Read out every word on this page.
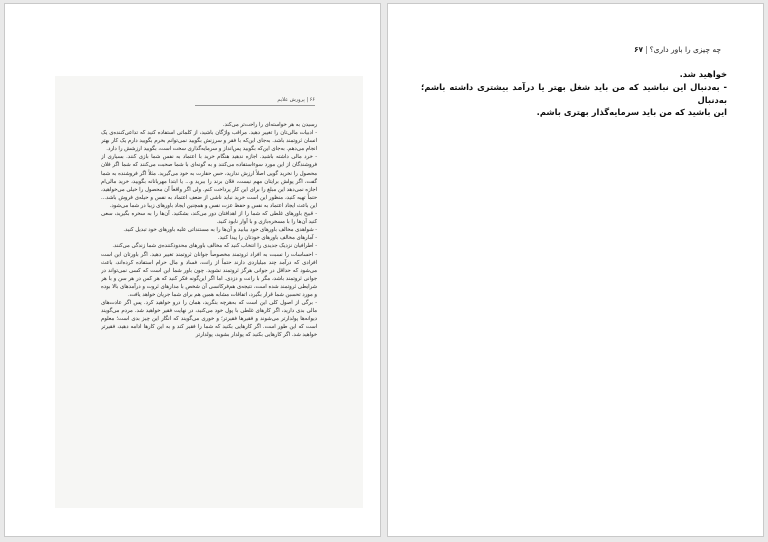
۶۶ | پرورش علایم

رسیدن به هر خواسته‌ای را راحت‌تر می‌کند.

- ادبیات مالی‌تان را تغییر دهید. مراقب واژگان باشید، از کلماتی استفاده کنید که تداعی‌کننده‌ی یک انسان ثروتمند باشد. به‌جای این‌که با فقر و سرزنش بگویید نمی‌توانم بخرم بگویید دارم یک کار بهتر انجام می‌دهم. به‌جای این‌که بگویید پس‌انداز و سرمایه‌گذاری سخت است، بگویید ارزشش را دارد.

- خرد مالی داشته باشید. اجازه ندهید هنگام خرید با اعتماد به نفس شما بازی کنند. بسیاری از فروشندگان از این مورد سوءاستفاده می‌کنند و به گونه‌ای با شما صحبت می‌کنند که شما اگر فلان محصول را نخرید گویی اصلاً ارزش ندارید، حس حقارت به خود می‌گیرید. مثلاً اگر فروشنده به شما گفت، اگر پولش برایتان مهم نیست، فلان برند را ببرید و... یا ابتدا مهربانانه بگویید، خرید مالی‌ام اجازه نمی‌دهد این مبلغ را برای این کار پرداخت کنم. ولی اگر واقعاً آن محصول را خیلی می‌خواهید، حتماً تهیه کنید، منظور این است خرید نباید ناشی از ضعف اعتماد به نفس و حیله‌ی فروش باشد... این باعث ایجاد اعتماد به نفس و حفظ عزت نفس و همچنین ایجاد باورهای زیبا در شما می‌شود.

- قبیح باورهای غلطی که شما را از اهدافتان دور می‌کند، بشکنید. آن‌ها را به سخره بگیرید، سعی کنید آن‌ها را با مسخره‌بازی و با آوار نابود کنید.

- شواهدی مخالف باورهای خود بیابید و آن‌ها را به مستنداتی علیه باورهای خود تبدیل کنید.

- آمارهای مخالف باورهای خودتان را پیدا کنید.

- اطرافیان نزدیک جدیدی را انتخاب کنید که مخالف باورهای محدودکننده‌ی شما زندگی می‌کنند.

- احساسات را نسبت به افراد ثروتمند مخصوصاً جوانان ثروتمند تغییر دهید. اگر باورتان این است افرادی که درآمد چند میلیاردی دارند حتماً از رانت، فساد و مال حرام استفاده کرده‌اند، باعث می‌شود که حداقل در جوانی هرگز ثروتمند نشوید. چون باور شما این است که کسی نمی‌تواند در جوانی ثروتمند باشد، مگر با رانت و دزدی. اما اگر این‌گونه فکر کنید که هر کس در هر سن و با هر شرایطی ثروتمند شده است، نتیجه‌ی هم‌فرکانسی آن شخص با مدارهای ثروت و درآمدهای بالا بوده و مورد تحسین شما قرار بگیرد، اتفاقات مشابه همین هم برای شما جریان خواهد یافت.

- برگی از اصول کلی این است که به‌هرچه بنگرید، همان را درو خواهید کرد. پس اگر عادت‌های مالی بدی دارید، اگر کارهای غلطی با پول خود می‌کنید، در نهایت فقیر خواهید شد. مردم می‌گویند دیوانه‌ها پولدارتر می‌شوند و فقیرها فقیرتر؛ و خوری می‌گویند که انگار این چیز بدی است؛ معلوم است که این طور است. اگر کارهایی بکنید که شما را فقیر کند و به این کارها ادامه دهید، فقیرتر خواهید شد. اگر کارهایی بکنید که پولدار بشوید، پولدارتر

چه چیزی را باور داری؟|۶۷

خواهید شد.

- به‌دنبال این نباشید که من باید شغل بهتر یا درآمد بیشتری داشته باشم؛ به‌دنبال

این باشید که من باید سرمایه‌گذار بهتری باشم.
